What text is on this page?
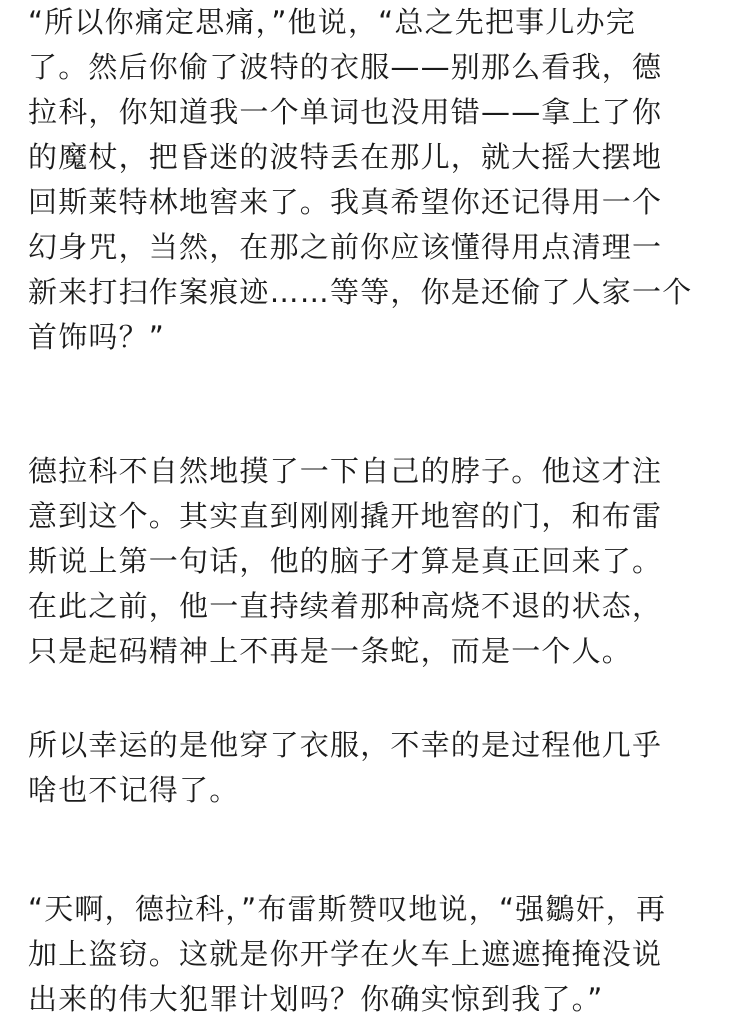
“所以你痛定思痛，”他说，“总之先把事儿办完
了。然后你偷了波特的衣服——别那么看我，德
拉科，你知道我一个单词也没用错——拿上了你
的魔杖，把昏迷的波特丢在那儿，就大摇大摆地
回斯莱特林地窖来了。我真希望你还记得用一个
幻身咒，当然，在那之前你应该懂得用点清理一
新来打扫作案痕迹……等等，你是还偷了人家一个
首饰吗？”

德拉科不自然地摸了一下自己的脖子。他这才注
意到这个。其实直到刚刚撬开地窖的门，和布雷
斯说上第一句话，他的脑子才算是真正回来了。
在此之前，他一直持续着那种高烧不退的状态，
只是起码精神上不再是一条蛇，而是一个人。

所以幸运的是他穿了衣服，不幸的是过程他几乎
啥也不记得了。

“天啊，德拉科，”布雷斯赞叹地说，“强鶵奸，再
加上盗窃。这就是你开学在火车上遮遮掩掩没说
出来的伟大犯罪计划吗？你确实惊到我了。”
